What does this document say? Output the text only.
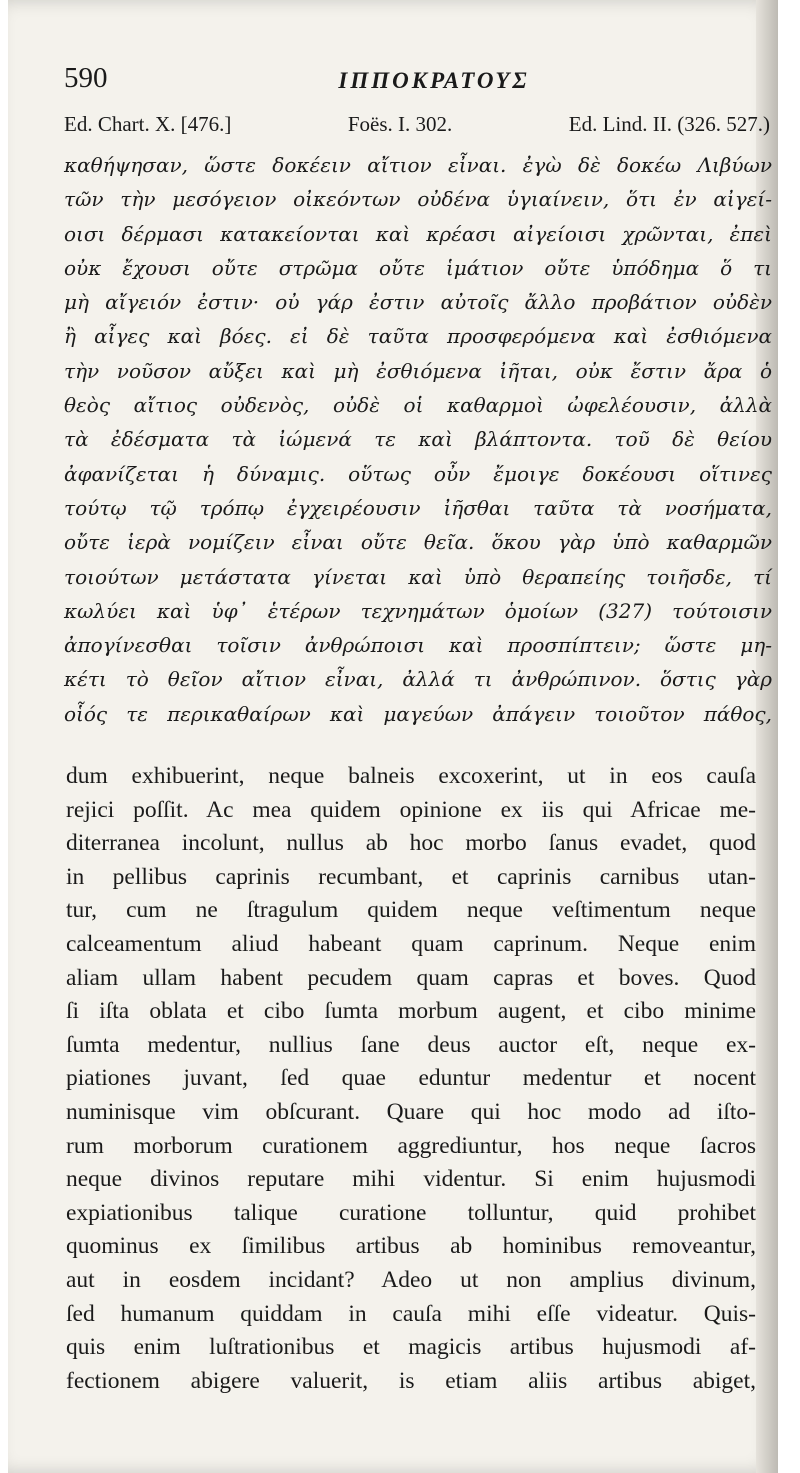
590	ΙΠΠΟΚΡΑΤΟΥΣ
Ed. Chart. X. [476.]	Foës. I. 302.	Ed. Lind. II. (326. 527.)
καθήψησαν, ὥστε δοκέειν αἴτιον εἶναι. ἐγὼ δὲ δοκέω Λιβύων
τῶν τὴν μεσόγειον οἰκεόντων οὐδένα ὑγιαίνειν, ὅτι ἐν αἰγεί-
οισι δέρμασι κατακείονται καὶ κρέασι αἰγείοισι χρῶνται, ἐπεὶ
οὐκ ἔχουσι οὔτε στρῶμα οὔτε ἱμάτιον οὔτε ὑπόδημα ὅ τι
μὴ αἴγειόν ἐστιν· οὐ γάρ ἐστιν αὐτοῖς ἄλλο προβάτιον οὐδὲν
ἢ αἶγες καὶ βόες. εἰ δὲ ταῦτα προσφερόμενα καὶ ἐσθιόμενα
τὴν νοῦσον αὔξει καὶ μὴ ἐσθιόμενα ἰῆται, οὐκ ἔστιν ἄρα ὁ
θεὸς αἴτιος οὐδενὸς, οὐδὲ οἱ καθαρμοὶ ὠφελέουσιν, ἀλλὰ
τὰ ἐδέσματα τὰ ἰώμενά τε καὶ βλάπτοντα. τοῦ δὲ θείου
ἀφανίζεται ἡ δύναμις. οὕτως οὖν ἔμοιγε δοκέουσι οἵτινες
τούτῳ τῷ τρόπῳ ἐγχειρέουσιν ἰῆσθαι ταῦτα τὰ νοσήματα,
οὔτε ἱερὰ νομίζειν εἶναι οὔτε θεῖα. ὅκου γὰρ ὑπὸ καθαρμῶν
τοιούτων μετάστατα γίνεται καὶ ὑπὸ θεραπείης τοιῆσδε, τί
κωλύει καὶ ὑφ᾽ ἑτέρων τεχνημάτων ὁμοίων (327) τούτοισιν
ἀπογίνεσθαι τοῖσιν ἀνθρώποισι καὶ προσπίπτειν; ὥστε μη-
κέτι τὸ θεῖον αἴτιον εἶναι, ἀλλά τι ἀνθρώπινον. ὅστις γὰρ
οἷός τε περικαθαίρων καὶ μαγεύων ἀπάγειν τοιοῦτον πάθος,
dum exhibuerint, neque balneis excoxerint, ut in eos cauſa
rejici poſſit. Ac mea quidem opinione ex iis qui Africae me-
diterranea incolunt, nullus ab hoc morbo ſanus evadet, quod
in pellibus caprinis recumbant, et caprinis carnibus utan-
tur, cum ne ſtragulum quidem neque veſtimentum neque
calceamentum aliud habeant quam caprinum. Neque enim
aliam ullam habent pecudem quam capras et boves. Quod
ſi iſta oblata et cibo ſumta morbum augent, et cibo minime
ſumta medentur, nullius ſane deus auctor eſt, neque ex-
piationes juvant, ſed quae eduntur medentur et nocent
numinisque vim obſcurant. Quare qui hoc modo ad iſto-
rum morborum curationem aggrediuntur, hos neque ſacros
neque divinos reputare mihi videntur. Si enim hujusmodi
expiationibus talique curatione tolluntur, quid prohibet
quominus ex ſimilibus artibus ab hominibus removeantur,
aut in eosdem incidant? Adeo ut non amplius divinum,
ſed humanum quiddam in cauſa mihi eſſe videatur. Quis-
quis enim luſtrationibus et magicis artibus hujusmodi af-
fectionem abigere valuerit, is etiam aliis artibus abiget,
